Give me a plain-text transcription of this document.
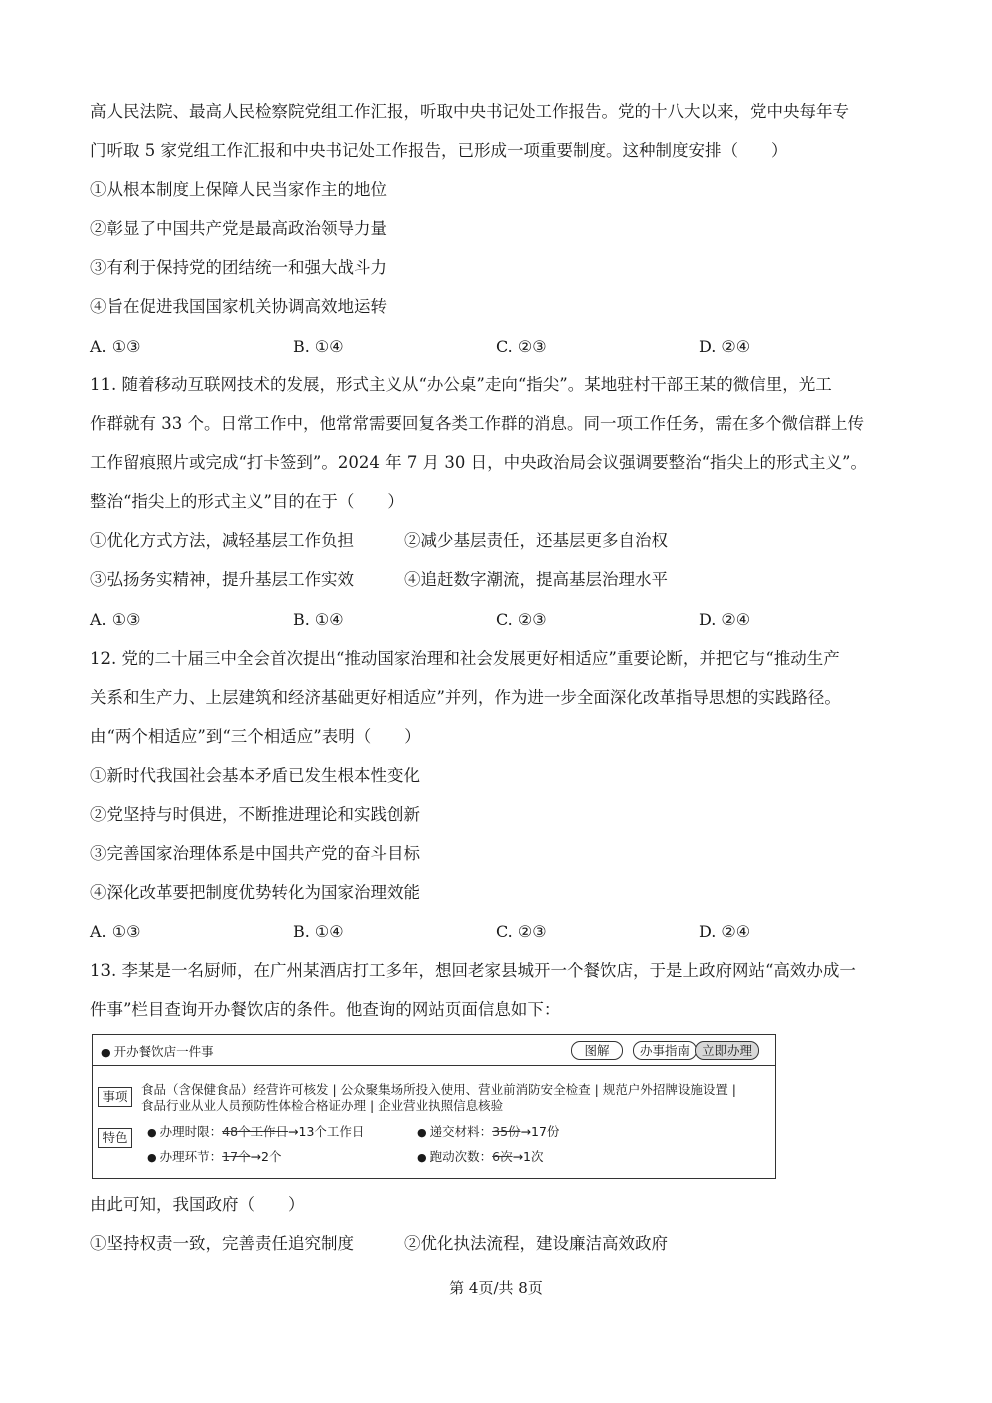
高人民法院、最高人民检察院党组工作汇报，听取中央书记处工作报告。党的十八大以来，党中央每年专
门听取 5 家党组工作汇报和中央书记处工作报告，已形成一项重要制度。这种制度安排（　　）
①从根本制度上保障人民当家作主的地位
②彰显了中国共产党是最高政治领导力量
③有利于保持党的团结统一和强大战斗力
④旨在促进我国国家机关协调高效地运转
A. ①③	B. ①④	C. ②③	D. ②④
11. 随着移动互联网技术的发展，形式主义从“办公桌”走向“指尖”。某地驻村干部王某的微信里，光工
作群就有 33 个。日常工作中，他常常需要回复各类工作群的消息。同一项工作任务，需在多个微信群上传
工作留痕照片或完成“打卡签到”。2024 年 7 月 30 日，中央政治局会议强调要整治“指尖上的形式主义”。
整治“指尖上的形式主义”目的在于（　　）
①优化方式方法，减轻基层工作负担	②减少基层责任，还基层更多自治权
③弘扬务实精神，提升基层工作实效	④追赶数字潮流，提高基层治理水平
A. ①③	B. ①④	C. ②③	D. ②④
12. 党的二十届三中全会首次提出“推动国家治理和社会发展更好相适应”重要论断，并把它与“推动生产
关系和生产力、上层建筑和经济基础更好相适应”并列，作为进一步全面深化改革指导思想的实践路径。
由“两个相适应”到“三个相适应”表明（　　）
①新时代我国社会基本矛盾已发生根本性变化
②党坚持与时俱进，不断推进理论和实践创新
③完善国家治理体系是中国共产党的奋斗目标
④深化改革要把制度优势转化为国家治理效能
A. ①③	B. ①④	C. ②③	D. ②④
13. 李某是一名厨师，在广州某酒店打工多年，想回老家县城开一个餐饮店，于是上政府网站“高效办成一
件事”栏目查询开办餐饮店的条件。他查询的网站页面信息如下：
● 开办餐饮店一件事	图解	办事指南 立即办理
事项	食品（含保健食品）经营许可核发 | 公众聚集场所投入使用、营业前消防安全检查 | 规范户外招牌设施设置 |
食品行业从业人员预防性体检合格证办理 | 企业营业执照信息核验
特色	● 办理时限：48个工作日→13个工作日	● 递交材料：35份→17份
● 办理环节：17个→2个	● 跑动次数：6次→1次
由此可知，我国政府（　　）
①坚持权责一致，完善责任追究制度	②优化执法流程，建设廉洁高效政府
第 4页/共 8页
